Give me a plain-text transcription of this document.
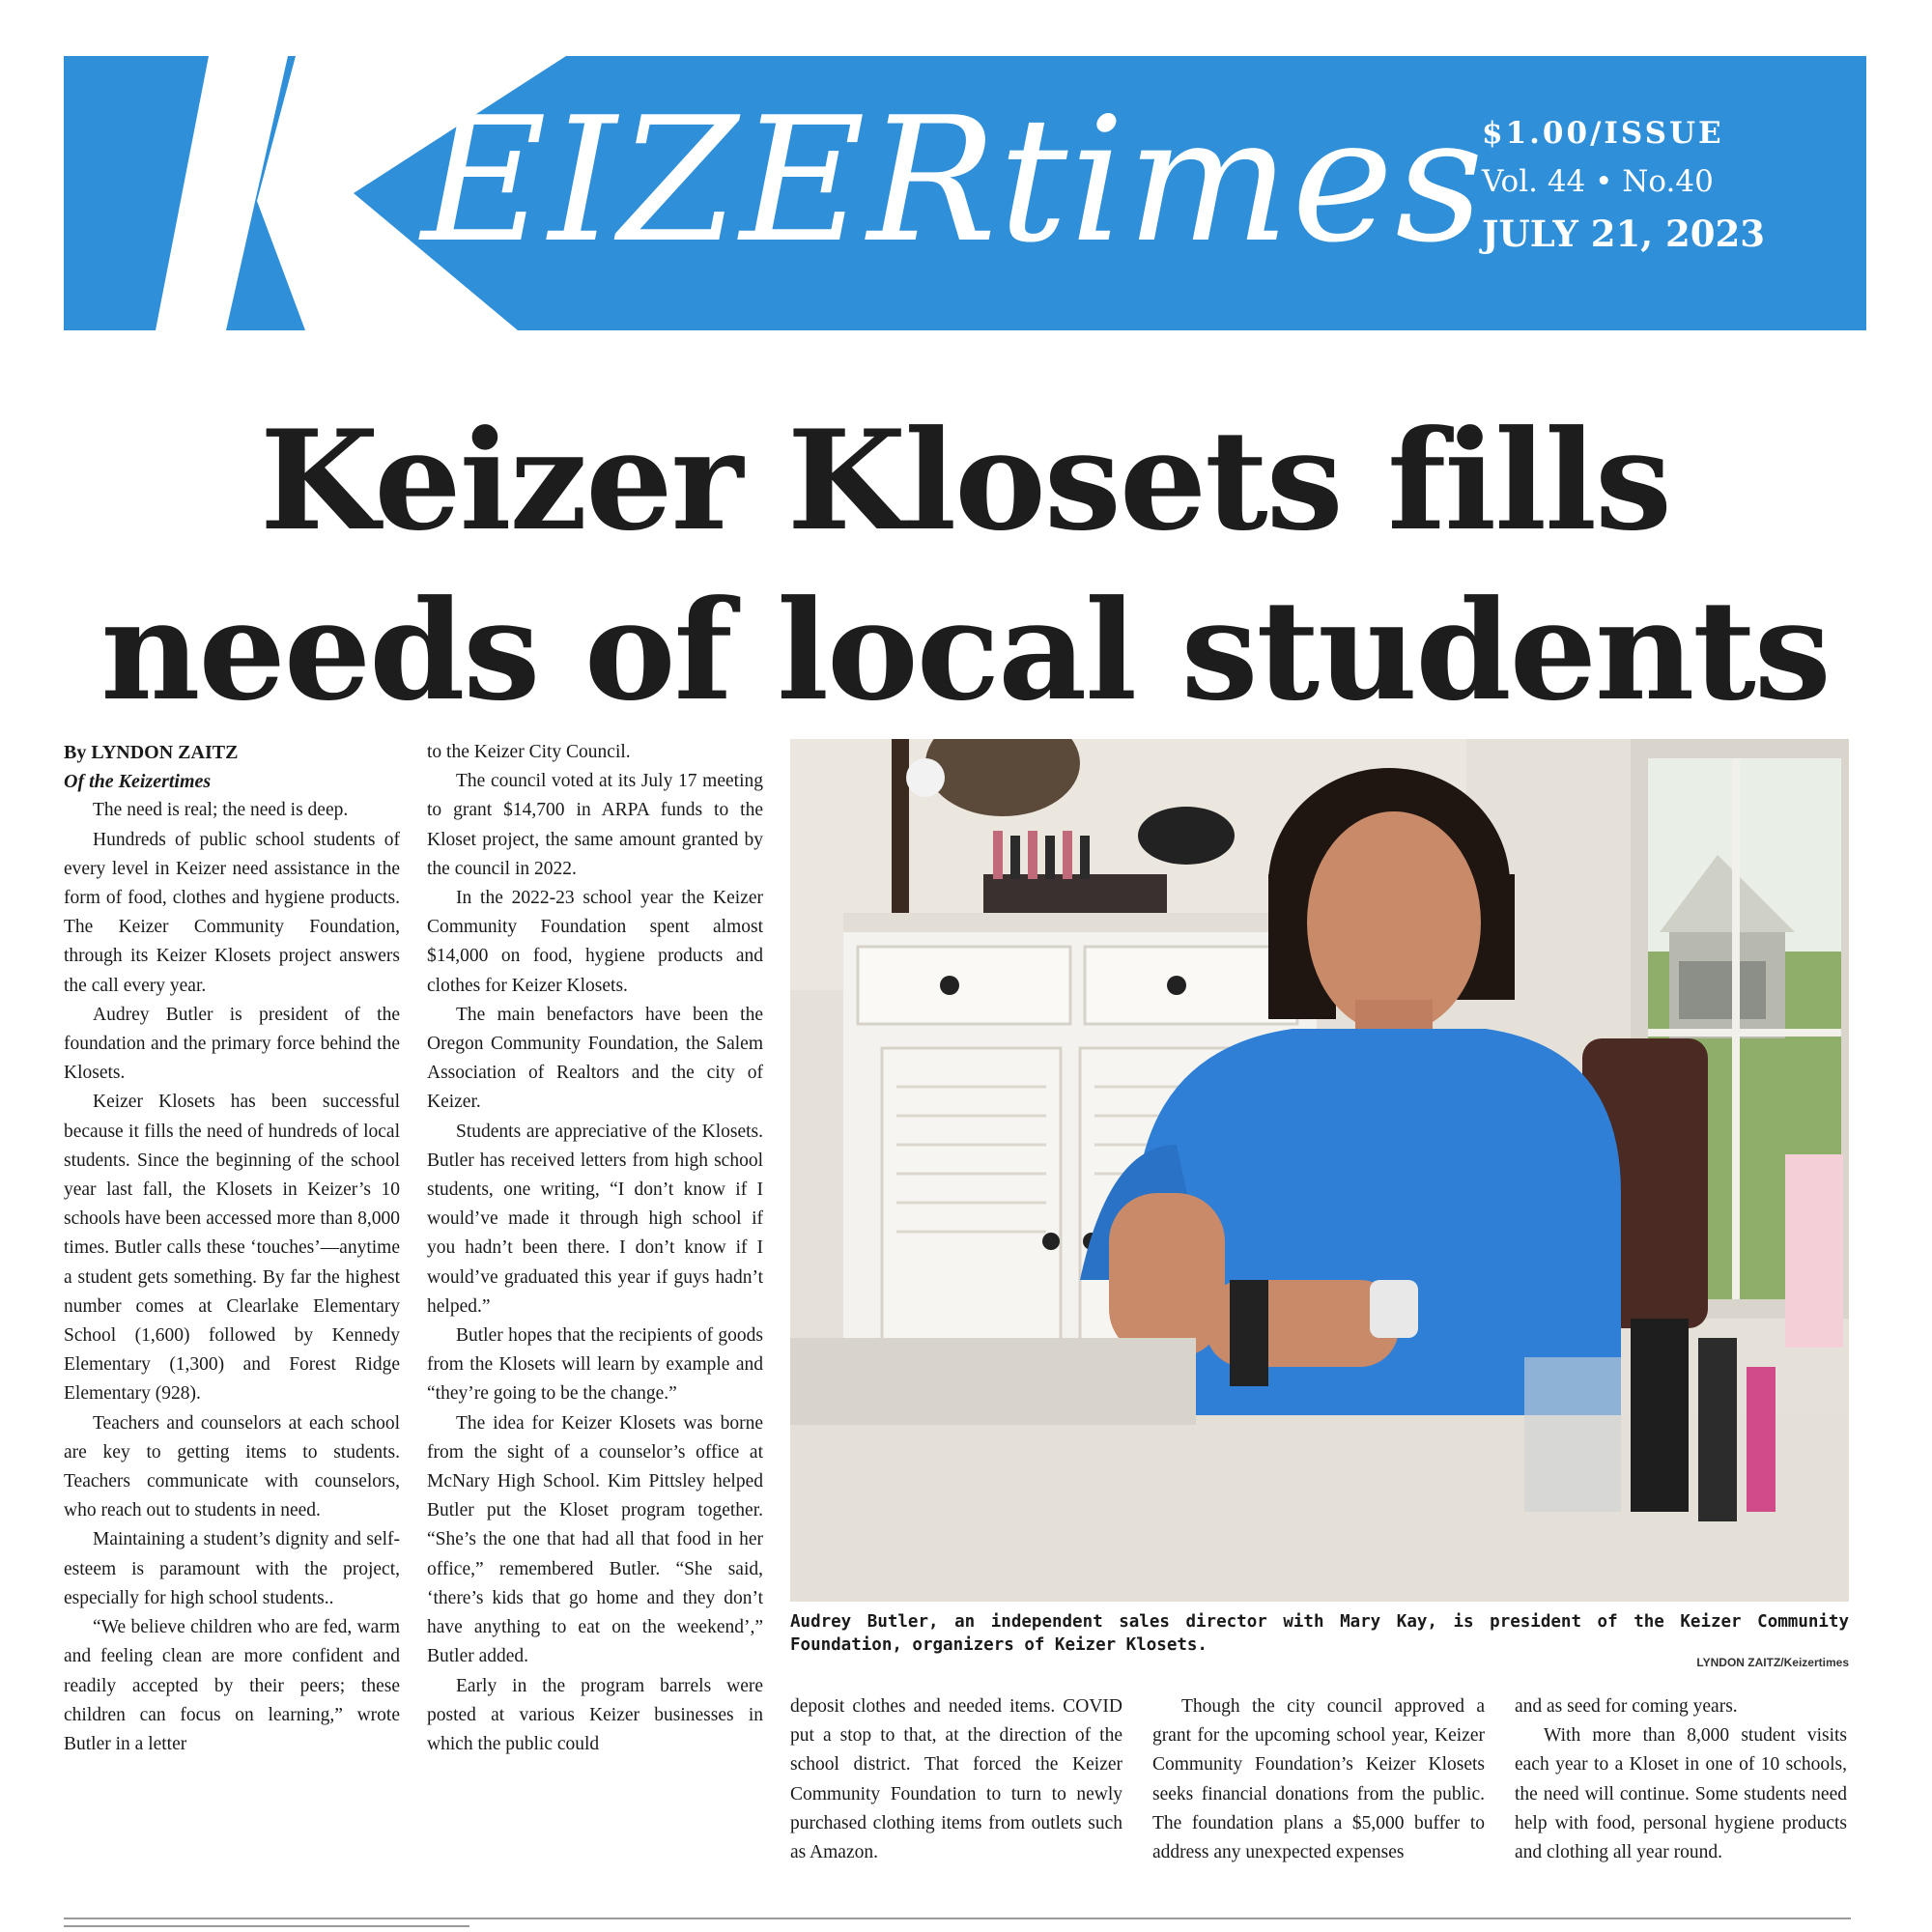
EIZERtimes
$1.00/ISSUE
Vol. 44 • No.40
JULY 21, 2023
Keizer Klosets fills
needs of local students

By LYNDON ZAITZ

Of the Keizertimes

The need is real; the need is deep.

Hundreds of public school students of every level in Keizer need assistance in the form of food, clothes and hygiene products. The Keizer Community Foundation, through its Keizer Klosets project answers the call every year.

Audrey Butler is president of the foundation and the primary force behind the Klosets.

Keizer Klosets has been successful because it fills the need of hundreds of local students. Since the beginning of the school year last fall, the Klosets in Keizer’s 10 schools have been accessed more than 8,000 times. Butler calls these ‘touches’—anytime a student gets something. By far the highest number comes at Clearlake Elementary School (1,600) followed by Kennedy Elementary (1,300) and Forest Ridge Elementary (928).

Teachers and counselors at each school are key to getting items to students. Teachers communicate with counselors, who reach out to students in need.

Maintaining a student’s dignity and self-esteem is paramount with the project, especially for high school students..

“We believe children who are fed, warm and feeling clean are more confident and readily accepted by their peers; these children can focus on learning,” wrote Butler in a letter

to the Keizer City Council.

The council voted at its July 17 meeting to grant $14,700 in ARPA funds to the Kloset project, the same amount granted by the council in 2022.

In the 2022-23 school year the Keizer Community Foundation spent almost $14,000 on food, hygiene products and clothes for Keizer Klosets.

The main benefactors have been the Oregon Community Foundation, the Salem Association of Realtors and the city of Keizer.

Students are appreciative of the Klosets. Butler has received letters from high school students, one writing, “I don’t know if I would’ve made it through high school if you hadn’t been there. I don’t know if I would’ve graduated this year if guys hadn’t helped.”

Butler hopes that the recipients of goods from the Klosets will learn by example and “they’re going to be the change.”

The idea for Keizer Klosets was borne from the sight of a counselor’s office at McNary High School. Kim Pittsley helped Butler put the Kloset program together. “She’s the one that had all that food in her office,” remembered Butler. “She said, ‘there’s kids that go home and they don’t have anything to eat on the weekend’,” Butler added.

Early in the program barrels were posted at various Keizer businesses in which the public could

Audrey Butler, an independent sales director with Mary Kay, is president of the Keizer Community Foundation, organizers of Keizer Klosets.
LYNDON ZAITZ/Keizertimes

deposit clothes and needed items. COVID put a stop to that, at the direction of the school district. That forced the Keizer Community Foundation to turn to newly purchased clothing items from outlets such as Amazon.

Though the city council approved a grant for the upcoming school year, Keizer Community Foundation’s Keizer Klosets seeks financial donations from the public. The foundation plans a $5,000 buffer to address any unexpected expenses

and as seed for coming years.

With more than 8,000 student visits each year to a Kloset in one of 10 schools, the need will continue. Some students need help with food, personal hygiene products and clothing all year round.
